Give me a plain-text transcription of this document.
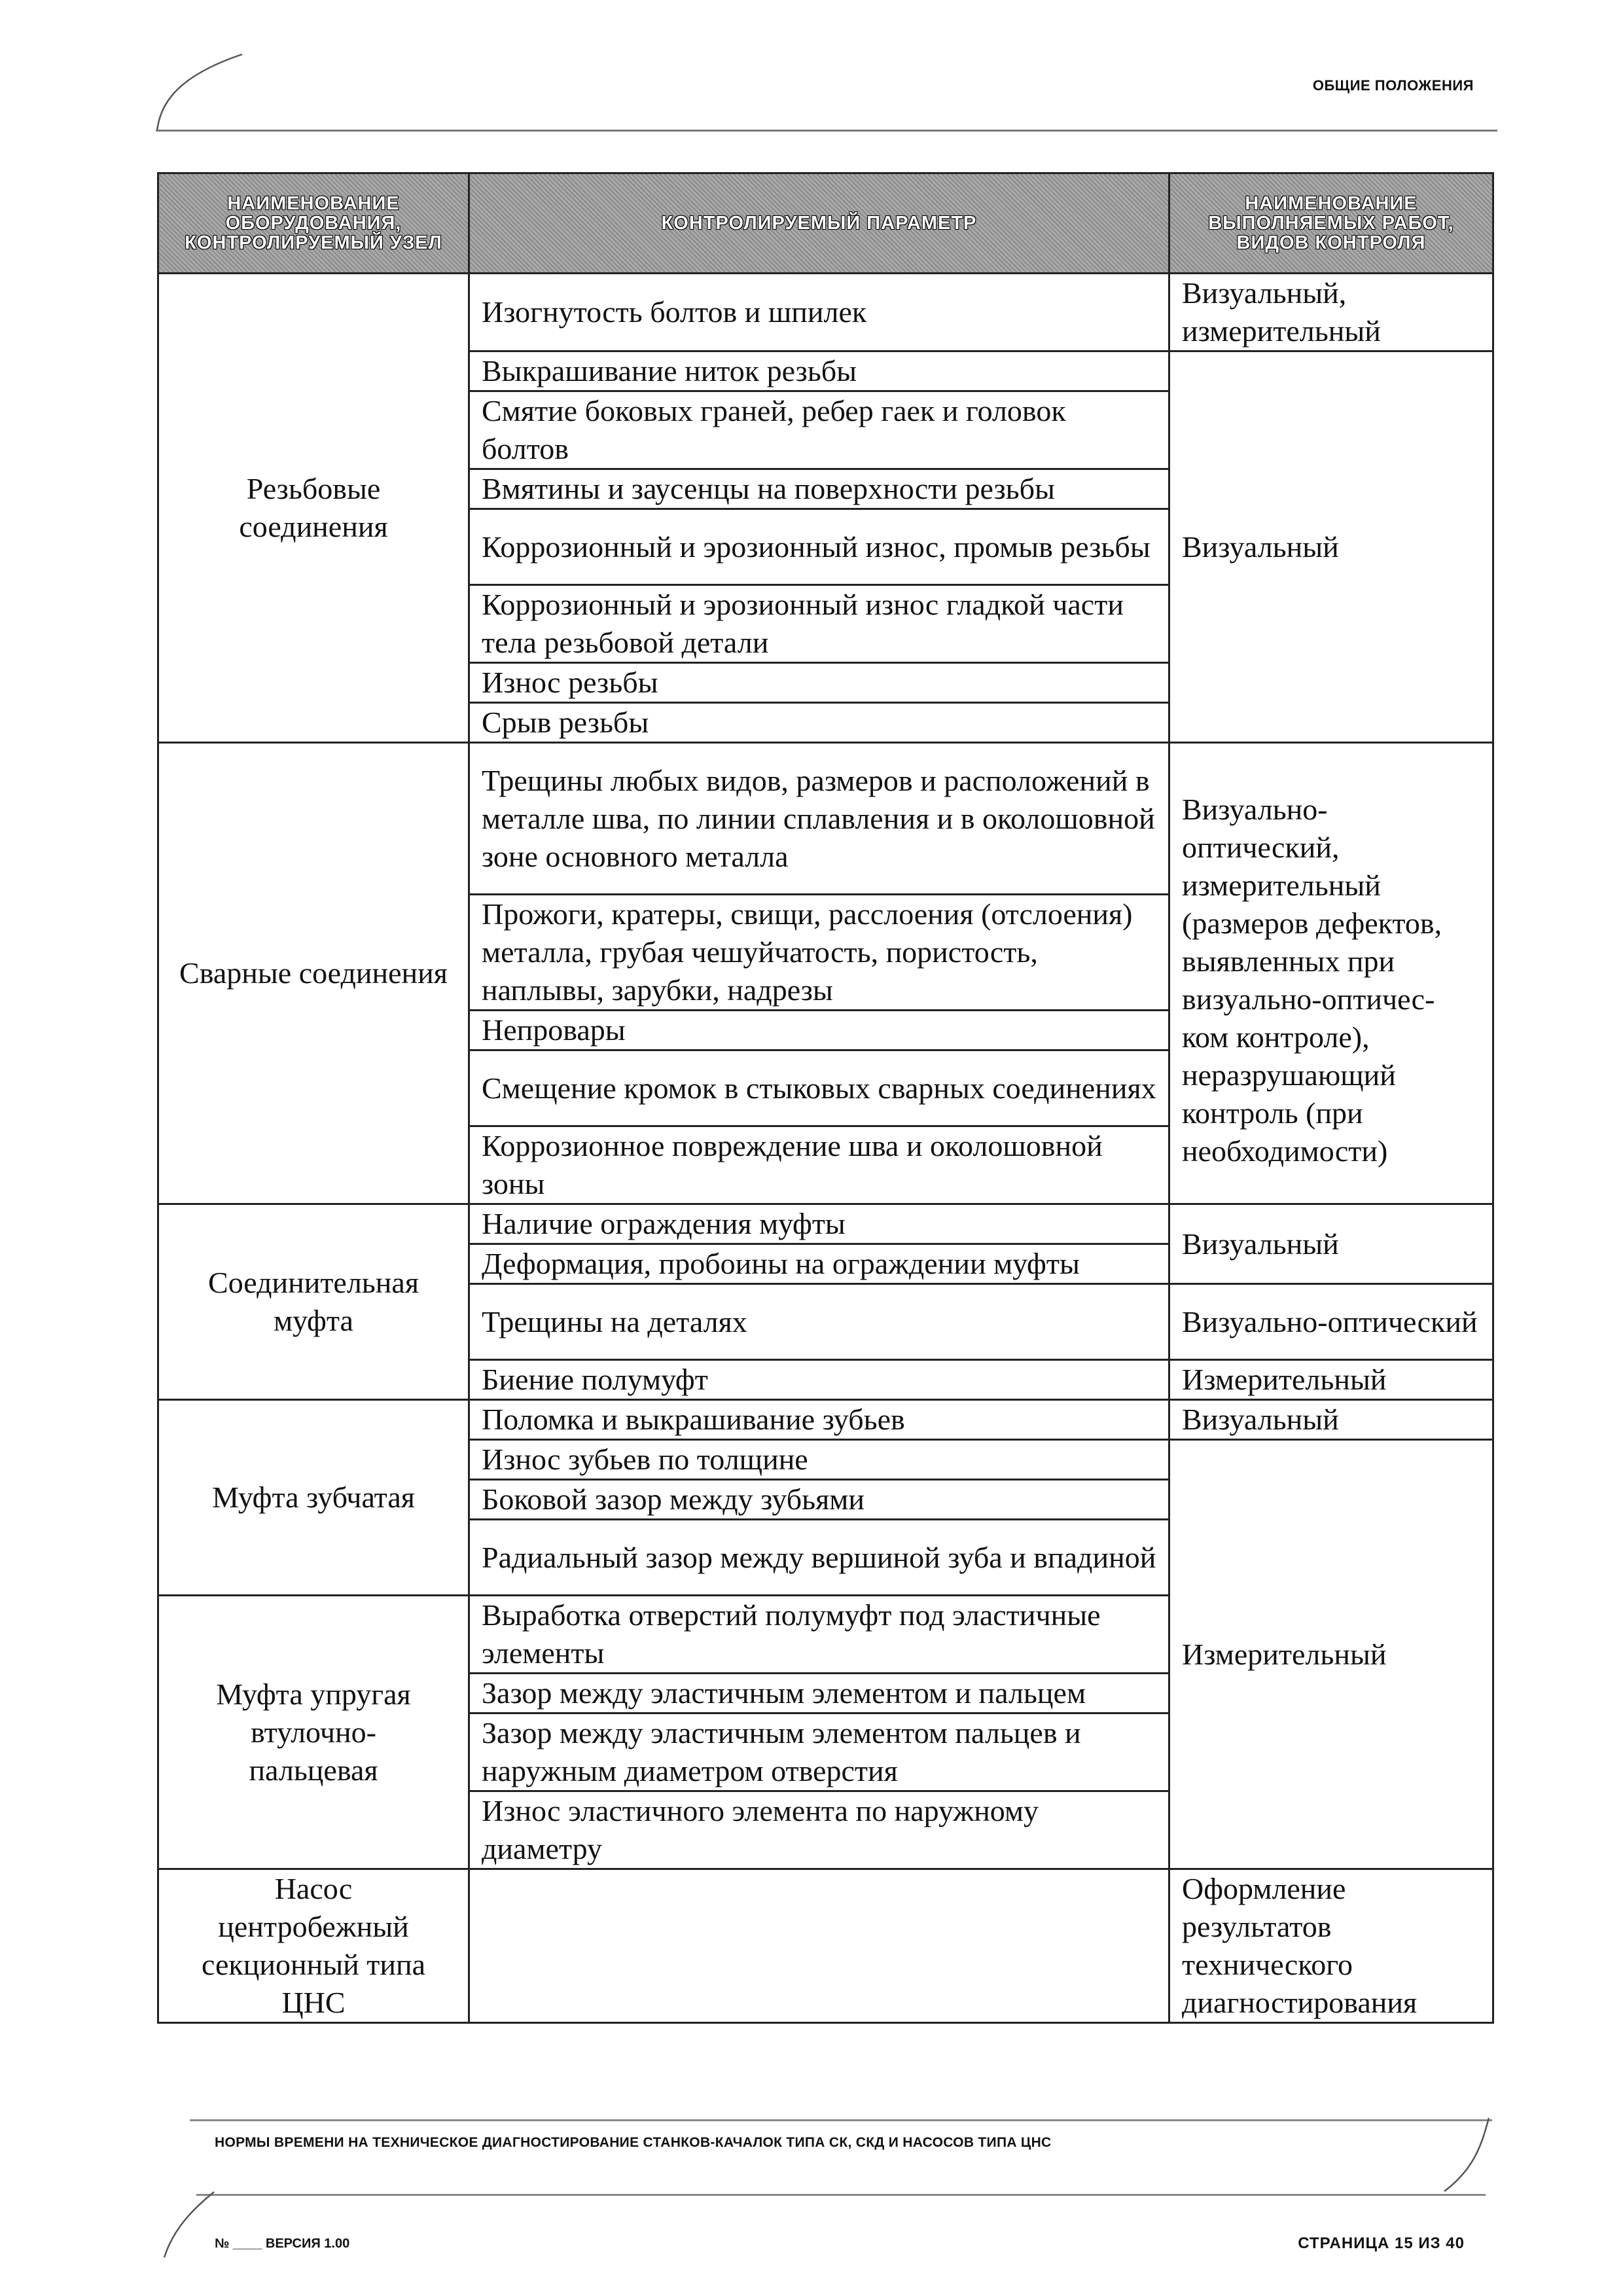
ОБЩИЕ ПОЛОЖЕНИЯ
НАИМЕНОВАНИЕ ОБОРУДОВАНИЯ, КОНТРОЛИРУЕМЫЙ УЗЕЛ	КОНТРОЛИРУЕМЫЙ ПАРАМЕТР	НАИМЕНОВАНИЕ ВЫПОЛНЯЕМЫХ РАБОТ, ВИДОВ КОНТРОЛЯ
Резьбовые соединения	Изогнутость болтов и шпилек	Визуальный, измерительный
	Выкрашивание ниток резьбы	Визуальный
	Смятие боковых граней, ребер гаек и головок болтов	
	Вмятины и заусенцы на поверхности резьбы	
	Коррозионный и эрозионный износ, промыв резьбы	
	Коррозионный и эрозионный износ гладкой части тела резьбовой детали	
	Износ резьбы	
	Срыв резьбы	
Сварные соединения	Трещины любых видов, размеров и расположений в металле шва, по линии сплавления и в околошовной зоне основного металла	Визуально-оптический, измерительный (размеров дефектов, выявленных при визуально-оптичес-ком контроле), неразрушающий контроль (при необходимости)
	Прожоги, кратеры, свищи, расслоения (отслоения) металла, грубая чешуйчатость, пористость, наплывы, зарубки, надрезы	
	Непровары	
	Смещение кромок в стыковых сварных соединениях	
	Коррозионное повреждение шва и околошовной зоны	
Соединительная муфта	Наличие ограждения муфты	Визуальный
	Деформация, пробоины на ограждении муфты	
	Трещины на деталях	Визуально-оптический
	Биение полумуфт	Измерительный
Муфта зубчатая	Поломка и выкрашивание зубьев	Визуальный
	Износ зубьев по толщине	Измерительный
	Боковой зазор между зубьями	
	Радиальный зазор между вершиной зуба и впадиной	
Муфта упругая втулочно-пальцевая	Выработка отверстий полумуфт под эластичные элементы	
	Зазор между эластичным элементом и пальцем	
	Зазор между эластичным элементом пальцев и наружным диаметром отверстия	
	Износ эластичного элемента по наружному диаметру	
Насос центробежный секционный типа ЦНС		Оформление результатов технического диагностирования
НОРМЫ ВРЕМЕНИ НА ТЕХНИЧЕСКОЕ ДИАГНОСТИРОВАНИЕ СТАНКОВ-КАЧАЛОК ТИПА СК, СКД И НАСОСОВ ТИПА ЦНС
№ ____ ВЕРСИЯ 1.00	СТРАНИЦА 15 ИЗ 40
